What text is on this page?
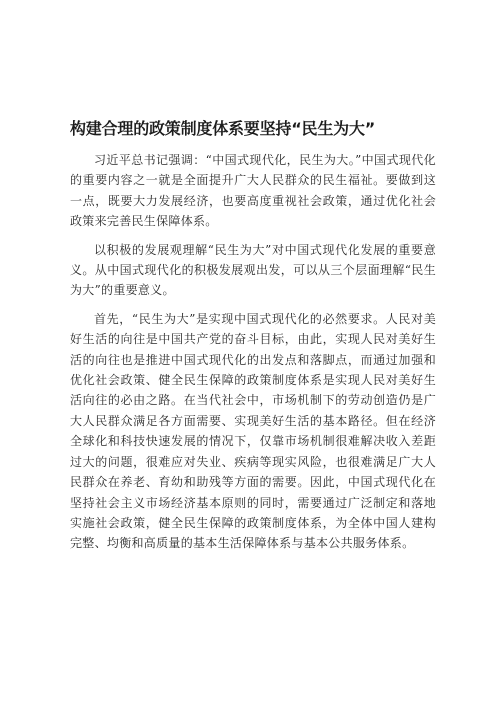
构建合理的政策制度体系要坚持“民生为大”

习近平总书记强调：“中国式现代化，民生为大。”中国式现代化的重要内容之一就是全面提升广大人民群众的民生福祉。要做到这一点，既要大力发展经济，也要高度重视社会政策，通过优化社会政策来完善民生保障体系。

以积极的发展观理解“民生为大”对中国式现代化发展的重要意义。从中国式现代化的积极发展观出发，可以从三个层面理解“民生为大”的重要意义。

首先，“民生为大”是实现中国式现代化的必然要求。人民对美好生活的向往是中国共产党的奋斗目标，由此，实现人民对美好生活的向往也是推进中国式现代化的出发点和落脚点，而通过加强和优化社会政策、健全民生保障的政策制度体系是实现人民对美好生活向往的必由之路。在当代社会中，市场机制下的劳动创造仍是广大人民群众满足各方面需要、实现美好生活的基本路径。但在经济全球化和科技快速发展的情况下，仅靠市场机制很难解决收入差距过大的问题，很难应对失业、疾病等现实风险，也很难满足广大人民群众在养老、育幼和助残等方面的需要。因此，中国式现代化在坚持社会主义市场经济基本原则的同时，需要通过广泛制定和落地实施社会政策，健全民生保障的政策制度体系，为全体中国人建构完整、均衡和高质量的基本生活保障体系与基本公共服务体系。
